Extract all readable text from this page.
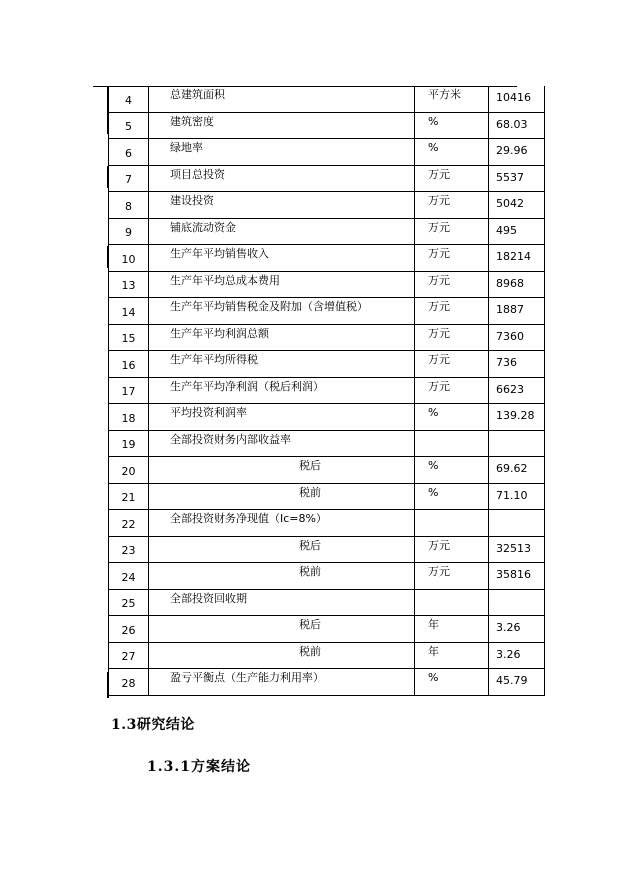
4	总建筑面积	平方米	10416
5	建筑密度	%	68.03
6	绿地率	%	29.96
7	项目总投资	万元	5537
8	建设投资	万元	5042
9	铺底流动资金	万元	495
10	生产年平均销售收入	万元	18214
13	生产年平均总成本费用	万元	8968
14	生产年平均销售税金及附加（含增值税）	万元	1887
15	生产年平均利润总额	万元	7360
16	生产年平均所得税	万元	736
17	生产年平均净利润（税后利润）	万元	6623
18	平均投资利润率	%	139.28
19	全部投资财务内部收益率		
20	税后	%	69.62
21	税前	%	71.10
22	全部投资财务净现值（Ic=8%）		
23	税后	万元	32513
24	税前	万元	35816
25	全部投资回收期		
26	税后	年	3.26
27	税前	年	3.26
28	盈亏平衡点（生产能力利用率）	%	45.79
1.3研究结论
1.3.1方案结论
